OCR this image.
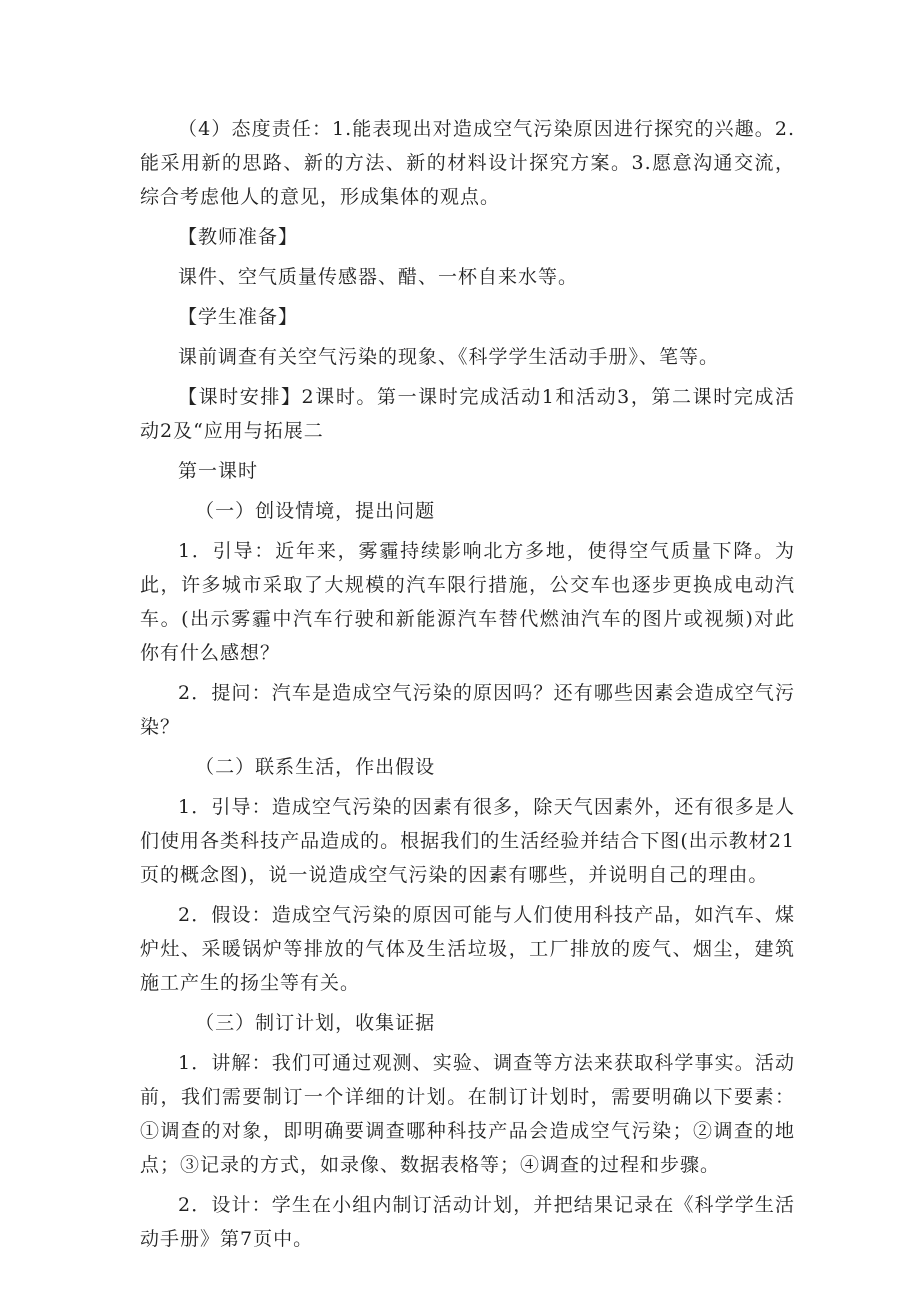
（4）态度责任：1.能表现出对造成空气污染原因进行探究的兴趣。2.能采用新的思路、新的方法、新的材料设计探究方案。3.愿意沟通交流，综合考虑他人的意见，形成集体的观点。

【教师准备】

课件、空气质量传感器、醋、一杯自来水等。

【学生准备】

课前调查有关空气污染的现象、《科学学生活动手册》、笔等。

【课时安排】2课时。第一课时完成活动1和活动3，第二课时完成活动2及“应用与拓展二

第一课时

（一）创设情境，提出问题

1．引导：近年来，雾霾持续影响北方多地，使得空气质量下降。为此，许多城市采取了大规模的汽车限行措施，公交车也逐步更换成电动汽车。(出示雾霾中汽车行驶和新能源汽车替代燃油汽车的图片或视频)对此你有什么感想？

2．提问：汽车是造成空气污染的原因吗？还有哪些因素会造成空气污染？

（二）联系生活，作出假设

1．引导：造成空气污染的因素有很多，除天气因素外，还有很多是人们使用各类科技产品造成的。根据我们的生活经验并结合下图(出示教材21页的概念图)，说一说造成空气污染的因素有哪些，并说明自己的理由。

2．假设：造成空气污染的原因可能与人们使用科技产品，如汽车、煤炉灶、采暖锅炉等排放的气体及生活垃圾，工厂排放的废气、烟尘，建筑施工产生的扬尘等有关。

（三）制订计划，收集证据

1．讲解：我们可通过观测、实验、调查等方法来获取科学事实。活动前，我们需要制订一个详细的计划。在制订计划时，需要明确以下要素：①调查的对象，即明确要调查哪种科技产品会造成空气污染；②调查的地点；③记录的方式，如录像、数据表格等；④调查的过程和步骤。

2．设计：学生在小组内制订活动计划，并把结果记录在《科学学生活动手册》第7页中。
